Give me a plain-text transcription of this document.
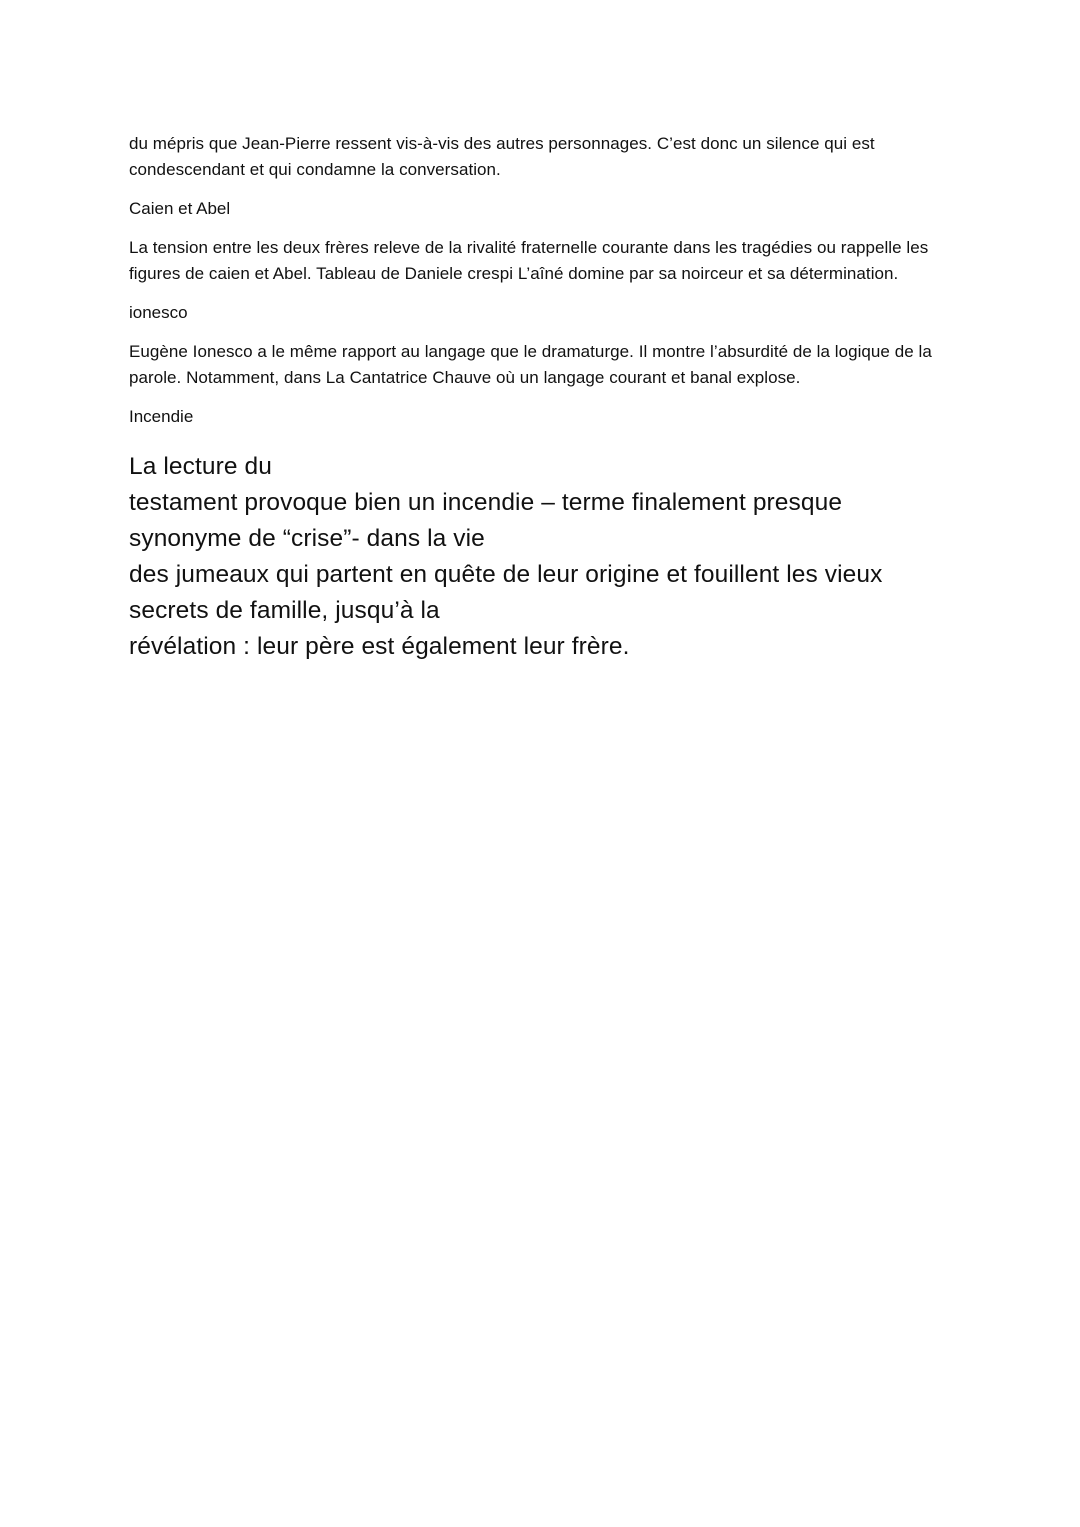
du mépris que Jean-Pierre ressent vis-à-vis des autres personnages. C’est donc un silence qui est condescendant et qui condamne la conversation.

Caien et Abel

La tension entre les deux frères releve de la rivalité fraternelle courante dans les tragédies ou rappelle les figures de caien et Abel. Tableau de Daniele crespi L’aîné domine par sa noirceur et sa détermination.

ionesco

Eugène Ionesco a le même rapport au langage que le dramaturge. Il montre l’absurdité de la logique de la parole. Notamment, dans La Cantatrice Chauve où un langage courant et banal explose.

Incendie

La lecture du
testament provoque bien un incendie – terme finalement presque
synonyme de “crise”- dans la vie
des jumeaux qui partent en quête de leur origine et fouillent les vieux
secrets de famille, jusqu’à la
révélation : leur père est également leur frère.
